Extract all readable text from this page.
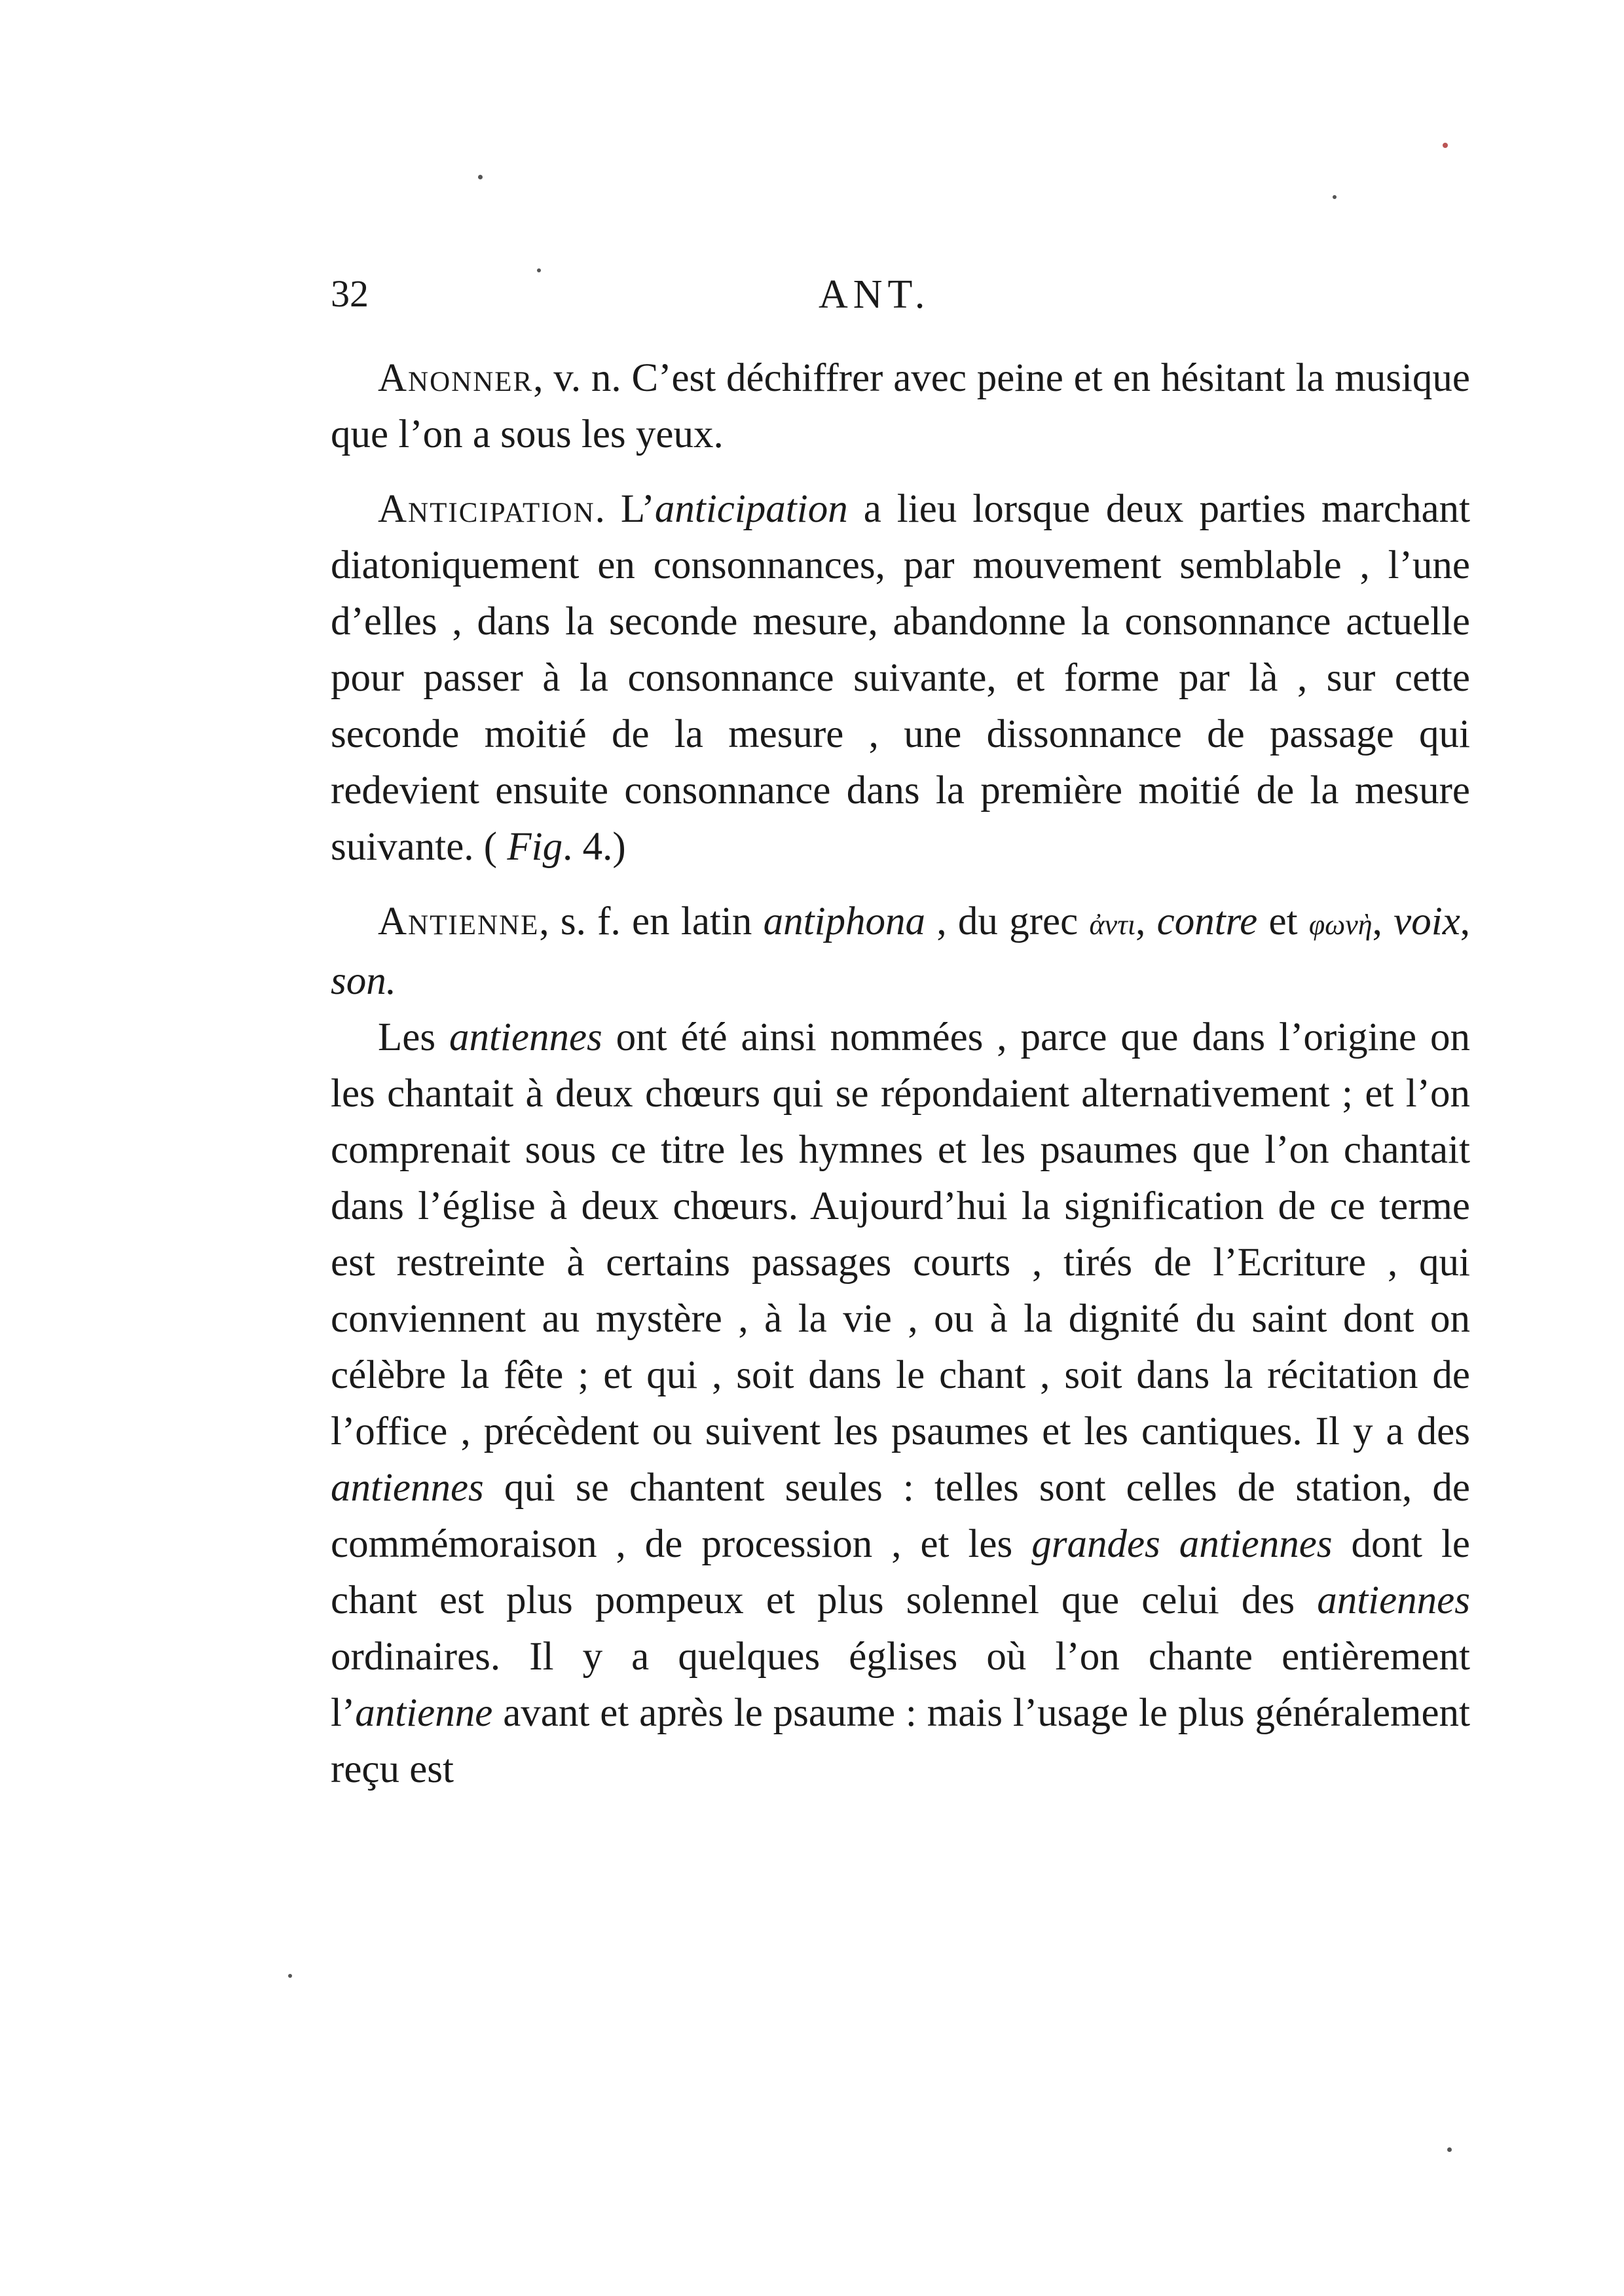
32	ANT.

Anonner, v. n. C’est déchiffrer avec peine et en hésitant la musique que l’on a sous les yeux.

Anticipation. L’anticipation a lieu lorsque deux parties marchant diatoniquement en consonnances, par mouvement semblable , l’une d’elles , dans la seconde mesure, abandonne la consonnance actuelle pour passer à la consonnance suivante, et forme par là , sur cette seconde moitié de la mesure , une dissonnance de passage qui redevient ensuite consonnance dans la première moitié de la mesure suivante. ( Fig. 4.)

Antienne, s. f. en latin antiphona , du grec ἀντι, contre et φωνὴ, voix, son.

Les antiennes ont été ainsi nommées , parce que dans l’origine on les chantait à deux chœurs qui se répondaient alternativement ; et l’on comprenait sous ce titre les hymnes et les psaumes que l’on chantait dans l’église à deux chœurs. Aujourd’hui la signification de ce terme est restreinte à certains passages courts , tirés de l’Ecriture , qui conviennent au mystère , à la vie , ou à la dignité du saint dont on célèbre la fête ; et qui , soit dans le chant , soit dans la récitation de l’office , précèdent ou suivent les psaumes et les cantiques. Il y a des antiennes qui se chantent seules : telles sont celles de station, de commémoraison , de procession , et les grandes antiennes dont le chant est plus pompeux et plus solennel que celui des antiennes ordinaires. Il y a quelques églises où l’on chante entièrement l’antienne avant et après le psaume : mais l’usage le plus généralement reçu est
